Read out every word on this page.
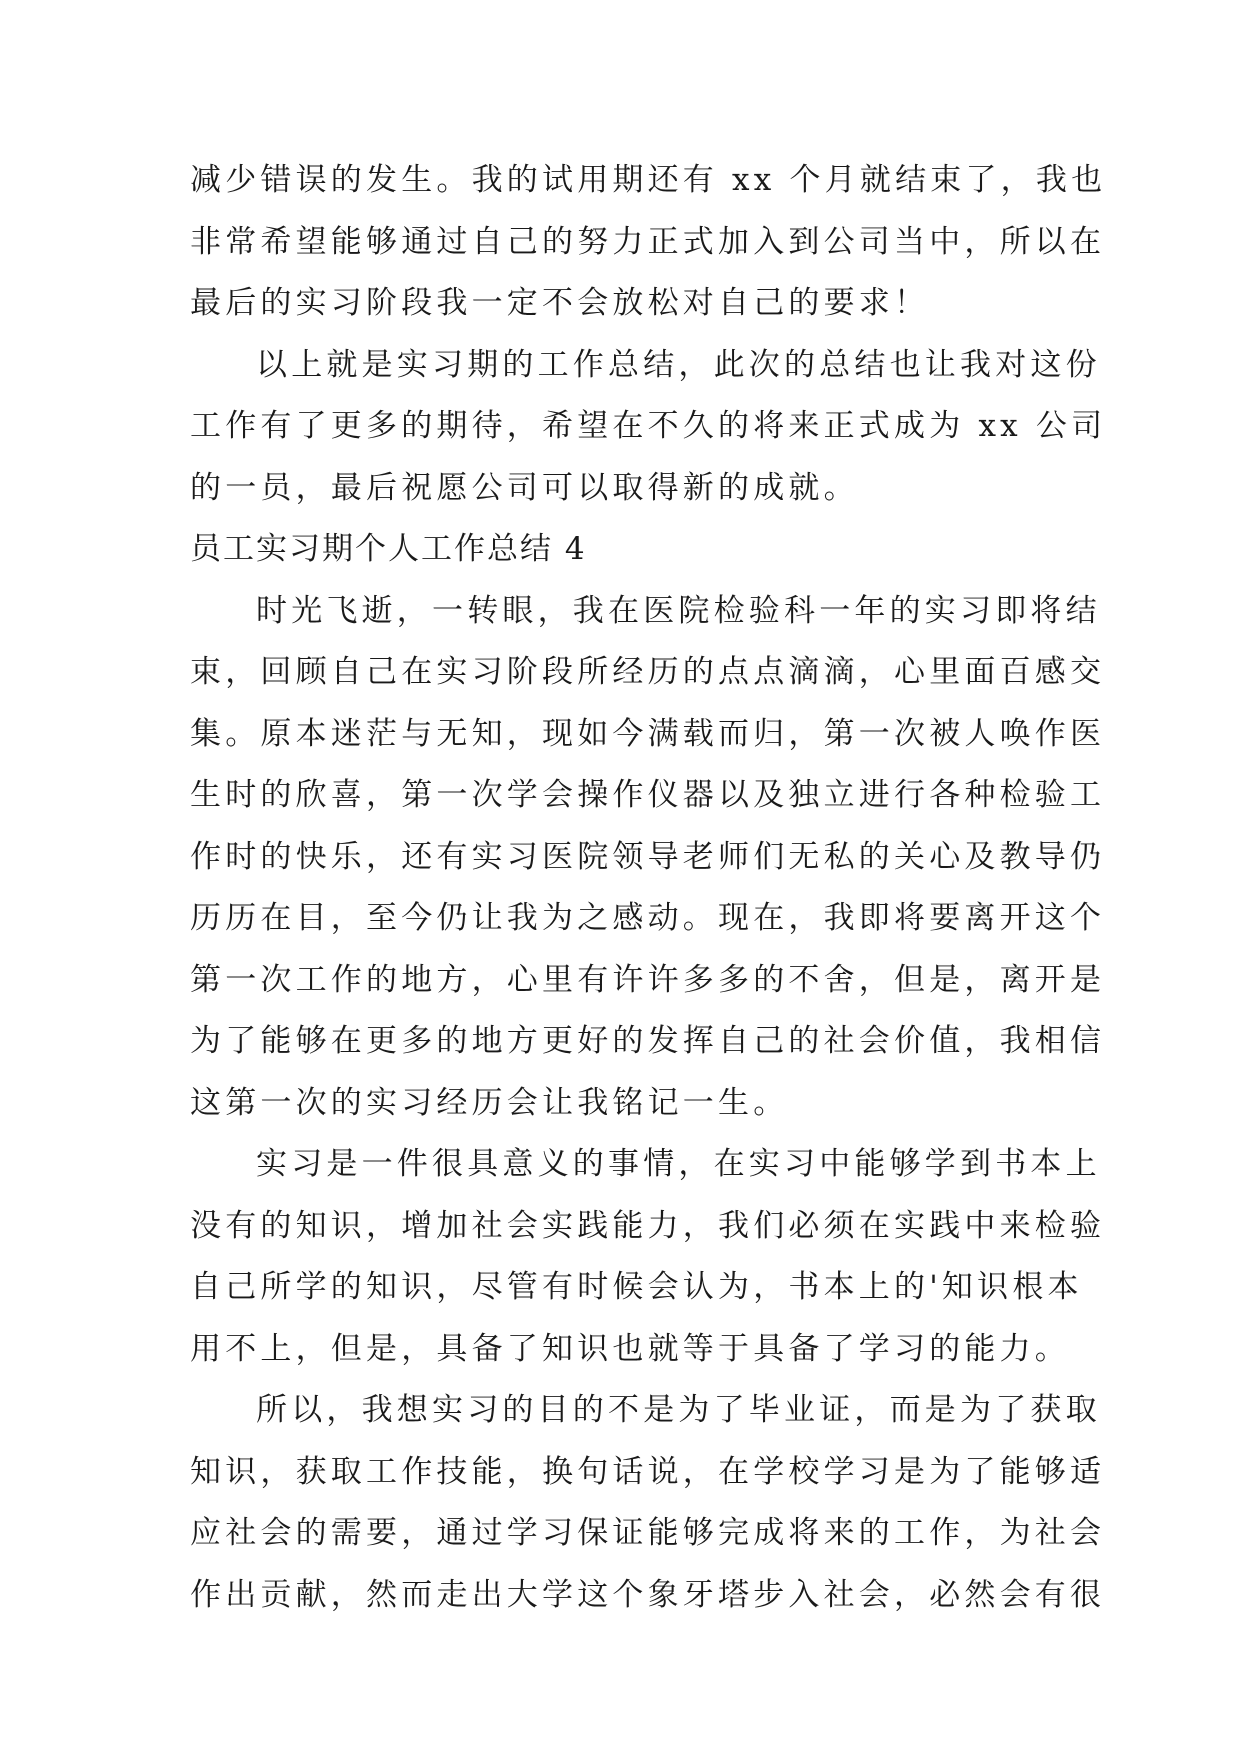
减少错误的发生。我的试用期还有 xx 个月就结束了，我也
非常希望能够通过自己的努力正式加入到公司当中，所以在
最后的实习阶段我一定不会放松对自己的要求！
以上就是实习期的工作总结，此次的总结也让我对这份
工作有了更多的期待，希望在不久的将来正式成为 xx 公司
的一员，最后祝愿公司可以取得新的成就。
员工实习期个人工作总结 4
时光飞逝，一转眼，我在医院检验科一年的实习即将结
束，回顾自己在实习阶段所经历的点点滴滴，心里面百感交
集。原本迷茫与无知，现如今满载而归，第一次被人唤作医
生时的欣喜，第一次学会操作仪器以及独立进行各种检验工
作时的快乐，还有实习医院领导老师们无私的关心及教导仍
历历在目，至今仍让我为之感动。现在，我即将要离开这个
第一次工作的地方，心里有许许多多的不舍，但是，离开是
为了能够在更多的地方更好的发挥自己的社会价值，我相信
这第一次的实习经历会让我铭记一生。
实习是一件很具意义的事情，在实习中能够学到书本上
没有的知识，增加社会实践能力，我们必须在实践中来检验
自己所学的知识，尽管有时候会认为，书本上的'知识根本
用不上，但是，具备了知识也就等于具备了学习的能力。
所以，我想实习的目的不是为了毕业证，而是为了获取
知识，获取工作技能，换句话说，在学校学习是为了能够适
应社会的需要，通过学习保证能够完成将来的工作，为社会
作出贡献，然而走出大学这个象牙塔步入社会，必然会有很
